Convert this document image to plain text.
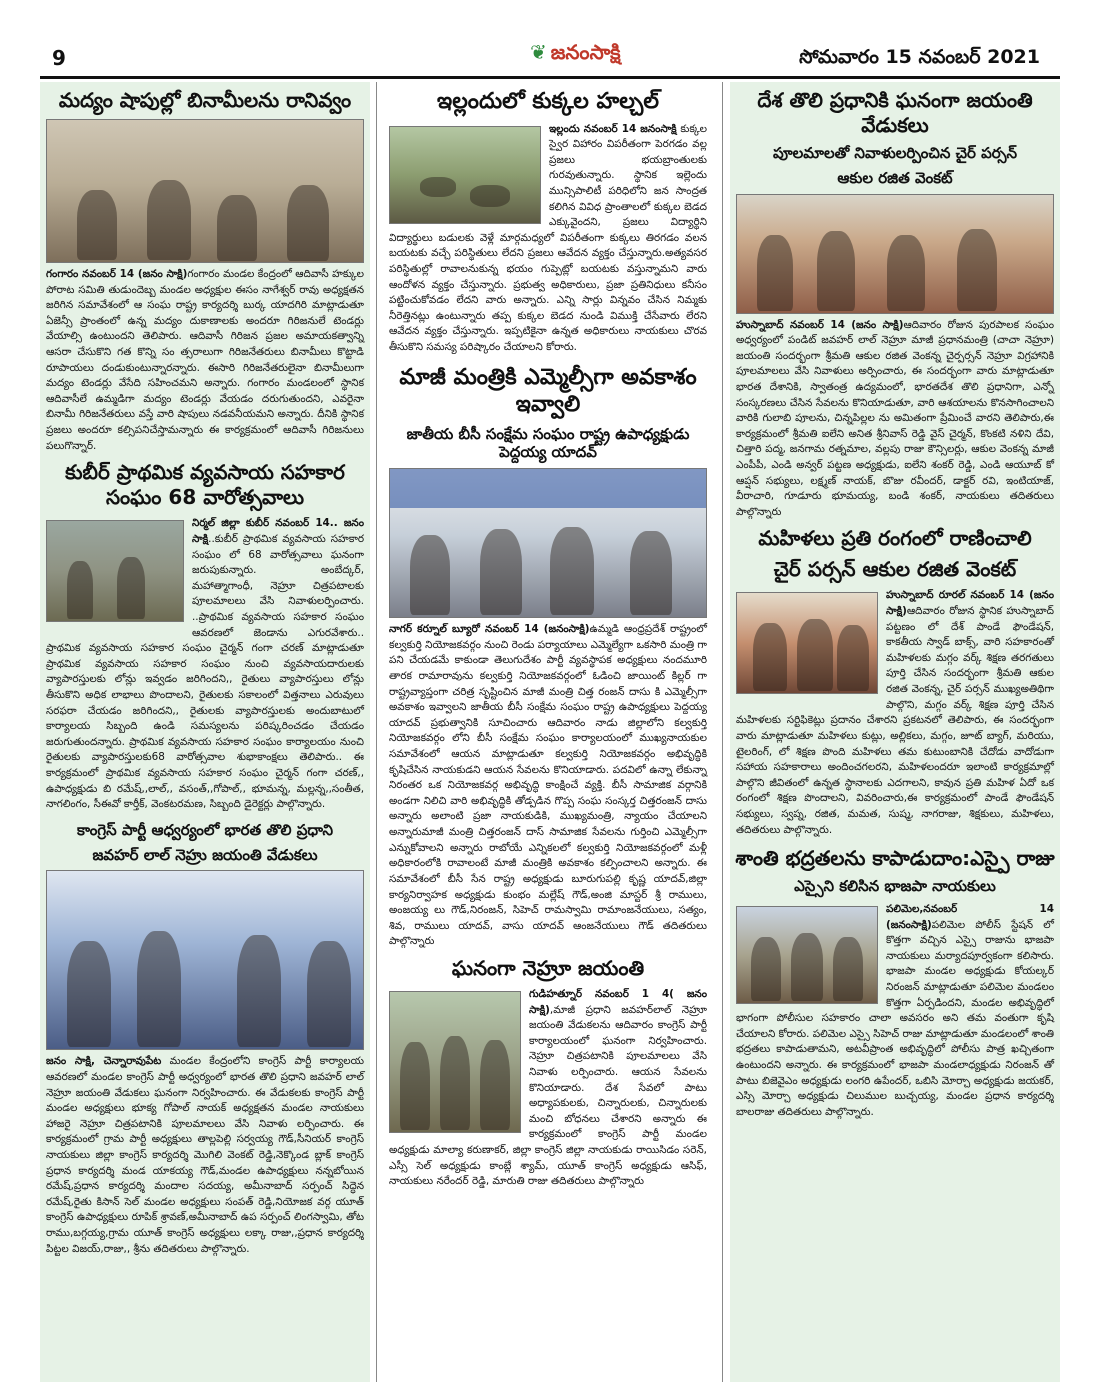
9	❦ జనంసాక్షి	సోమవారం 15 నవంబర్ 2021
మద్యం షాపుల్లో బినామీలను రానివ్వం

గంగారం నవంబర్ 14 (జనం సాక్షి)గంగారం మండల కేంద్రంలో ఆదివాసీ హక్కుల పోరాట సమితి తుడుందెబ్బ మండల అధ్యక్షుల ఈసం నాగేశ్వర్ రావు అధ్యక్షతన జరిగిన సమావేశంలో ఆ సంఘ రాష్ట్ర కార్యదర్శి బుర్క యాదగిరి మాట్లాడుతూ ఏజెన్సీ ప్రాంతంలో ఉన్న మద్యం దుకాణాలకు అందరూ గిరిజనులే టెండర్లు వేయాల్సి ఉంటుందని తెలిపారు. ఆదివాసీ గిరిజన ప్రజల అమాయకత్వాన్ని ఆసరా చేసుకొని గత కొన్ని సం త్సరాలుగా గిరిజనేతరులు బినామీలు కొట్టాడి రూపాయలు దండుకుంటున్నారన్నారు. ఈసారి గిరిజనేతరులైనా బినామీలుగా మద్యం టెండర్లు వేసేది సహించమని అన్నారు. గంగారం మండలంలో స్థానిక ఆదివాసీలే ఉమ్మడిగా మద్యం టెండర్లు వేయడం దరుగుతుందని, ఎవరైనా బినామీ గిరిజనేతరులు వస్తే వారి షాపులు నడవనీయమని అన్నారు. దీనికి స్థానిక ప్రజలు అందరూ కల్సిపనిచేస్తామన్నారు ఈ కార్యక్రమంలో ఆదివాసీ గిరిజనులు పలుగొన్నార్.

కుబీర్ ప్రాథమిక వ్యవసాయ సహకార సంఘం 68 వారోత్సవాలు

నిర్మల్ జిల్లా కుబీర్ నవంబర్ 14.. జనం సాక్షి..కుబీర్ ప్రాథమిక వ్యవసాయ సహకార సంఘం లో 68 వారోత్సవాలు ఘనంగా జరుపుకున్నారు. అంబేద్కర్, మహాత్మాగాంధీ, నెహ్రూ చిత్రపటాలకు పూలమాలలు వేసి నివాళులర్పించారు. ..ప్రాథమిక వ్యవసాయ సహకార సంఘం ఆవరణలో జెండాను ఎగురవేశారు.. ప్రాథమిక వ్యవసాయ సహకార సంఘం చైర్మన్ గంగా చరణ్ మాట్లాడుతూ ప్రాథమిక వ్యవసాయ సహకార సంఘం నుంచి వ్యవసాయదారులకు వ్యాపారస్తులకు లోన్లు ఇవ్వడం జరిగిందని,, రైతులు వ్యాపారస్తులు లోన్లు తీసుకొని అధిక లాభాలు పొందాలని, రైతులకు సకాలంలో విత్తనాలు ఎరువులు సరఫరా చేయడం జరిగిందని,, రైతులకు వ్యాపారస్తులకు అందుబాటులో కార్యాలయ సిబ్బంది ఉండి సమస్యలను పరిష్కరించడం చేయడం జరుగుతుందన్నారు. ప్రాథమిక వ్యవసాయ సహకార సంఘం కార్యాలయం నుంచి రైతులకు వ్యాపారస్తులకు68 వారోత్సవాల శుభాకాంక్షలు తెలిపారు.. ఈ కార్యక్రమంలో ప్రాథమిక వ్యవసాయ సహకార సంఘం చైర్మన్ గంగా చరణ్,, ఉపాధ్యక్షుడు బి రమేష్,,లాల్,, వసంత్,,గోపాల్,, భూమన్న, మల్లన్న,,సంతీత, నాగలింగం, సీఈవో కార్తీక్, వెంకటరమణ, సిబ్బంది డైరెక్టర్లు పాల్గొన్నారు.

కాంగ్రెస్ పార్టీ ఆధ్వర్యంలో భారత తొలి ప్రధాని
జవహర్ లాల్ నెహ్రు జయంతి వేడుకలు

జనం సాక్షి, చెన్నారావుపేట మండల కేంద్రంలోని కాంగ్రెస్ పార్టీ కార్యాలయ ఆవరణలో మండల కాంగ్రెస్ పార్టీ అధ్వర్యంలో భారత తొలి ప్రధాని జవహర్ లాల్ నెహ్రూ జయంతి వేడుకలు ఘనంగా నిర్వహించారు. ఈ వేడుకలకు కాంగ్రెస్ పార్టీ మండల అధ్యక్షులు భూక్య గోపాల్ నాయక్ అధ్యక్షతన మండల నాయకులు హాజరై నెహ్రూ చిత్రపటానికి పూలమాలలు వేసి నివాళు లర్పించారు. ఈ కార్యక్రమంలో గ్రామ పార్టీ అధ్యక్షులు తాల్లపెల్లి సర్వయ్య గౌడ్,సీనియర్ కాంగ్రెస్ నాయకులు జిల్లా కాంగ్రెస్ కార్యదర్శి మొగిలి వెంకట్ రెడ్డి,నెక్కొండ బ్లాక్ కాంగ్రెస్ ప్రధాన కార్యదర్శి మండ యాకయ్య గౌడ్,మండల ఉపాధ్యక్షులు నన్నబోయిన రమేష్,ప్రధాన కార్యదర్శి మందాల సదయ్య, అమీనాబాద్ సర్పంచ్ సిద్ధెన రమేష్,రైతు కిసాన్ సెల్ మండల అధ్యక్షులు సంపత్ రెడ్డి,నియోజక వర్గ యూత్ కాంగ్రెస్ ఉపాధ్యక్షులు రూపిక్ శ్రావణ్,అమీనాబాద్ ఉప సర్పంచ్ లింగస్వామి, తోట రాము,బగ్గయ్య,గ్రామ యూత్ కాంగ్రెస్ అధ్యక్షులు లక్కా రాజు,,ప్రధాన కార్యదర్శి పిట్టల విజయ్,రాజు,, శ్రీను తదితరులు పాల్గొన్నారు.

ఇల్లందులో కుక్కల హల్చల్

ఇల్లందు నవంబర్ 14 జనంసాక్షి కుక్కల స్వైర విహారం విపరీతంగా పెరగడం వల్ల ప్రజలు భయబ్రాంతులకు గురవుతున్నారు. స్థానిక ఇల్లెందు మున్సిపాలిటీ పరిధిలోని జన సాంద్రత కలిగిన వివిధ ప్రాంతాలలో కుక్కల బెడద ఎక్కువైందని, ప్రజలు విద్యార్థిని విద్యార్థులు బడులకు వెళ్లే మార్గమధ్యలో విపరీతంగా కుక్కలు తిరగడం వలన బయటకు వచ్చే పరిస్థితులు లేదని ప్రజలు ఆవేదన వ్యక్తం చేస్తున్నారు.అత్యవసర పరిస్థితుల్లో రావాలనుకున్న భయం గుప్పెట్లో బయటకు వస్తున్నామని వారు ఆందోళన వ్యక్తం చేస్తున్నారు. ప్రభుత్వ అధికారులు, ప్రజా ప్రతినిధులు కనీసం పట్టించుకోవడం లేదని వారు అన్నారు. ఎన్ని సార్లు విన్నవం చేసిన నిమ్మకు నీరెత్తినట్లు ఉంటున్నారు తప్ప కుక్కల బెడద నుండి విముక్తి చేసేవారు లేరని ఆవేదన వ్యక్తం చేస్తున్నారు. ఇప్పటికైనా ఉన్నత అధికారులు నాయకులు చొరవ తీసుకొని సమస్య పరిష్కారం చేయాలని కోరారు.

మాజీ మంత్రికి ఎమ్మెల్సీగా అవకాశం ఇవ్వాలి
జాతీయ బీసీ సంక్షేమ సంఘం రాష్ట్ర ఉపాధ్యక్షుడు పెద్దయ్య యాదవ్

నాగర్ కర్నూల్ బ్యూరో నవంబర్ 14 (జనంసాక్షి)ఉమ్మడి ఆంధ్రప్రదేశ్ రాష్ట్రంలో కల్వకుర్తి నియోజకవర్గం నుంచి రెండు పర్యాయాలు ఎమ్మెల్యేగా ఒకసారి మంత్రి గా పని చేయడమే కాకుండా తెలుగుదేశం పార్టీ వ్యవస్థాపక అధ్యక్షులు నందమూరి తారక రామారావును కల్వకుర్తి నియోజకవర్గంలో ఓడించి జాయింట్ కిల్లర్ గా రాష్ట్రవ్యాప్తంగా చరిత్ర సృష్టించిన మాజీ మంత్రి చిత్త రంజన్ దాసు కి ఎమ్మెల్సీగా అవకాశం ఇవ్వాలని జాతీయ బీసీ సంక్షేమ సంఘం రాష్ట్ర ఉపాధ్యక్షులు పెద్దయ్య యాదవ్ ప్రభుత్వానికి సూచించారు ఆదివారం నాడు జిల్లాలోని కల్వకుర్తి నియోజకవర్గం లోని బీసీ సంక్షేమ సంఘం కార్యాలయంలో ముఖ్యనాయకుల సమావేశంలో ఆయన మాట్లాడుతూ కల్వకుర్తి నియోజకవర్గం అభివృద్ధికి కృషిచేసిన నాయకుడని ఆయన సేవలను కొనియాడారు. పదవిలో ఉన్నా లేకున్నా నిరంతర ఒక నియోజకవర్గ అభివృద్ధి కాంక్షించే వ్యక్తి. బీసీ సామాజిక వర్గానికి అండగా నిలిచి వారి అభివృద్ధికి తోడ్పడిన గొప్ప సంఘ సంస్కర్త చిత్తరంజన్ దాసు అన్నారు అలాంటి ప్రజా నాయకుడికి, ముఖ్యమంత్రి, న్యాయం చేయాలని అన్నారుమాజీ మంత్రి చిత్తరంజన్ దాస్ సామాజిక సేవలను గుర్తించి ఎమ్మెల్సీగా ఎన్నుకోవాలని అన్నారు రాబోయే ఎన్నికలలో కల్వకుర్తి నియోజకవర్గంలో మళ్లీ అధికారంలోకి రావాలంటే మాజీ మంత్రికి అవకాశం కల్పించాలని అన్నారు. ఈ సమావేశంలో బీసీ సేన రాష్ట్ర అధ్యక్షుడు బూరుగుపల్లి కృష్ణ యాదవ్,జిల్లా కార్యనిర్వాహక అధ్యక్షుడు కుంభం మల్లేష్ గౌడ్,అంజి మాస్టర్ శ్రీ రాములు, అంజయ్య లు గౌడ్,నిరంజన్, సిహెచ్ రామస్వామి రామాంజనేయులు, సత్యం, శివ, రాములు యాదవ్, వాసు యాదవ్ ఆంజనేయులు గౌడ్ తదితరులు పాల్గొన్నారు

ఘనంగా నెహ్రూ జయంతి

గుడిహత్నూర్ నవంబర్ 1 4( జనం సాక్షి),మాజీ ప్రధాని జవహర్‌లాల్ నెహ్రూ జయంతి వేడుకలను ఆదివారం కాంగ్రెస్ పార్టీ కార్యాలయంలో ఘనంగా నిర్వహించారు. నెహ్రూ చిత్రపటానికి పూలమాలలు వేసి నివాళు లర్పించారు. ఆయన సేవలను కొనియాడారు. దేశ సేవలో పాటు అధ్యాపకులకు, చిన్నారులకు, చిన్నారులకు మంచి బోధనలు చేశారని అన్నారు ఈ కార్యక్రమంలో కాంగ్రెస్ పార్టీ మండల అధ్యక్షుడు మాల్యా కరుణాకర్, జిల్లా కాంగ్రెస్ జిల్లా నాయకుడు రాయిసిడం సరెన్, ఎస్సీ సెల్ అధ్యక్షుడు కాంబ్లే శ్యామ్, యూత్ కాంగ్రెస్ అధ్యక్షుడు ఆసిఫ్, నాయకులు నరేందర్ రెడ్డి, మారుతి రాజు తదితరులు పాల్గొన్నారు

దేశ తొలి ప్రధానికి ఘనంగా జయంతి వేడుకలు
పూలమాలతో నివాళులర్పించిన చైర్ పర్సన్
ఆకుల రజిత వెంకట్

హుస్నాబాద్ నవంబర్ 14 (జనం సాక్షి)ఆదివారం రోజున పురపాలక సంఘం అధ్వర్యంలో పండిట్ జవహర్ లాల్ నెహ్రూ మాజీ ప్రధానమంత్రి (చాచా నెహ్రూ) జయంతి సందర్భంగా శ్రీమతి ఆకుల రజిత వెంకన్న చైర్పర్సన్ నెహ్రూ విగ్రహానికి పూలమాలలు వేసి నివాళులు అర్పించారు, ఈ సందర్భంగా వారు మాట్లాడుతూ భారత దేశానికి, స్వాతంత్ర ఉద్యమంలో, భారతదేశ తొలి ప్రధానిగా, ఎన్నో సంస్కరణలు చేసిన సేవలను కొనియాడుతూ, వారి ఆశయాలను కొనసాగించాలని వారికి గులాబి పూలను, చిన్నపిల్లల ను అమితంగా ప్రేమించే వారని తెలిపారు,ఈ కార్యక్రమంలో శ్రీమతి ఐలేని అనిత శ్రీనివాస్ రెడ్డి వైస్ చైర్మన్, కొంకటి నళిని దేవి, చిత్తారి పద్మ, జనగామ రత్నమాల, వల్లపు రాజు కౌన్సిలర్లు, ఆకుల వెంకన్న మాజీ ఎంపీపీ, ఎండి అన్వర్ పట్టణ అధ్యక్షుడు, ఐలేని శంకర్ రెడ్డి, ఎండి ఆయూబ్ కో ఆప్షన్ సభ్యులు, లక్ష్మణ్ నాయక్, బొజు రవీందర్, డాక్టర్ రవి, ఇంటియాజ్, వీరాచారి, గూడూరు భూమయ్య, బండి శంకర్, నాయకులు తదితరులు పాల్గొన్నారు

మహిళలు ప్రతి రంగంలో రాణించాలి
చైర్ పర్సన్ ఆకుల రజిత వెంకట్

హుస్నాబాద్ రూరల్ నవంబర్ 14 (జనం సాక్షి)ఆదివారం రోజున స్థానిక హుస్నాబాద్ పట్టణం లో దేశ్ పాండే ఫౌండేషన్, కాకతీయ స్వాడ్ బాక్స్, వారి సహకారంతో మహిళలకు మగ్గం వర్క్ శిక్షణ తరగతులు పూర్తి చేసిన సందర్భంగా శ్రీమతి ఆకుల రజిత వెంకన్న, చైర్ పర్సన్ ముఖ్యఅతిథిగా పాల్గొని, మగ్గం వర్క్ శిక్షణ పూర్తి చేసిన మహిళలకు సర్టిఫికెట్లు ప్రదానం చేశారని ప్రకటనలో తెలిపారు, ఈ సందర్భంగా వారు మాట్లాడుతూ మహిళలు కుట్లు, అల్లికలు, మగ్గం, జూట్ బ్యాగ్, మరియు, టైలరింగ్, లో శిక్షణ పొంది మహిళలు తమ కుటుంబానికి చేదోడు వాదోడుగా సహాయ సహకారాలు అందించగలరని, మహిళలందరూ ఇలాంటి కార్యక్రమాల్లో పాల్గొని జీవితంలో ఉన్నత స్థానాలకు ఎదగాలని, కావున ప్రతి మహిళ ఏదో ఒక రంగంలో శిక్షణ పొందాలని, వివరించారు,ఈ కార్యక్రమంలో పాండే ఫౌండేషన్ సభ్యులు, స్వప్న, రజిత, మమత, సుష్మ, నాగరాజు, శిక్షకులు, మహిళలు, తదితరులు పాల్గొన్నారు.

శాంతి భద్రతలను కాపాడుదాం:ఎస్పై రాజు
ఎస్సైని కలిసిన భాజపా నాయకులు

పలిమెల,నవంబర్ 14 (జనంసాక్షి)పలిమెల పోలీస్ స్టేషన్ లో కొత్తగా వచ్చిన ఎస్సై రాజును భాజపా నాయకులు మర్యాదపూర్వకంగా కలిసారు. భాజపా మండల అధ్యక్షుడు కోయల్కర్ నిరంజన్ మాట్లాడుతూ పలిమెల మండలం కొత్తగా ఏర్పడిందని, మండల అభివృద్ధిలో భాగంగా పోలీసుల సహకారం చాలా అవసరం అని తమ వంతుగా కృషి చేయాలని కోరారు. పలిమెల ఎస్సై సిహెచ్ రాజు మాట్లాడుతూ మండలంలో శాంతి భద్రతలు కాపాడుతామని, అటవీప్రాంత అభివృద్ధిలో పోలీసు పాత్ర ఖచ్చితంగా ఉంటుందని అన్నారు. ఈ కార్యక్రమంలో భాజపా మండలాధ్యక్షుడు నిరంజన్ తో పాటు బిజెవైఎం అధ్యక్షుడు లంగరి ఉపేందర్, ఒబిసి మోర్చా అధ్యక్షుడు జయకర్, ఎస్సి మోర్చా అధ్యక్షుడు చిలుముల బుచ్చయ్య, మండల ప్రధాన కార్యదర్శి బాలరాజు తదితరులు పాల్గొన్నారు.
